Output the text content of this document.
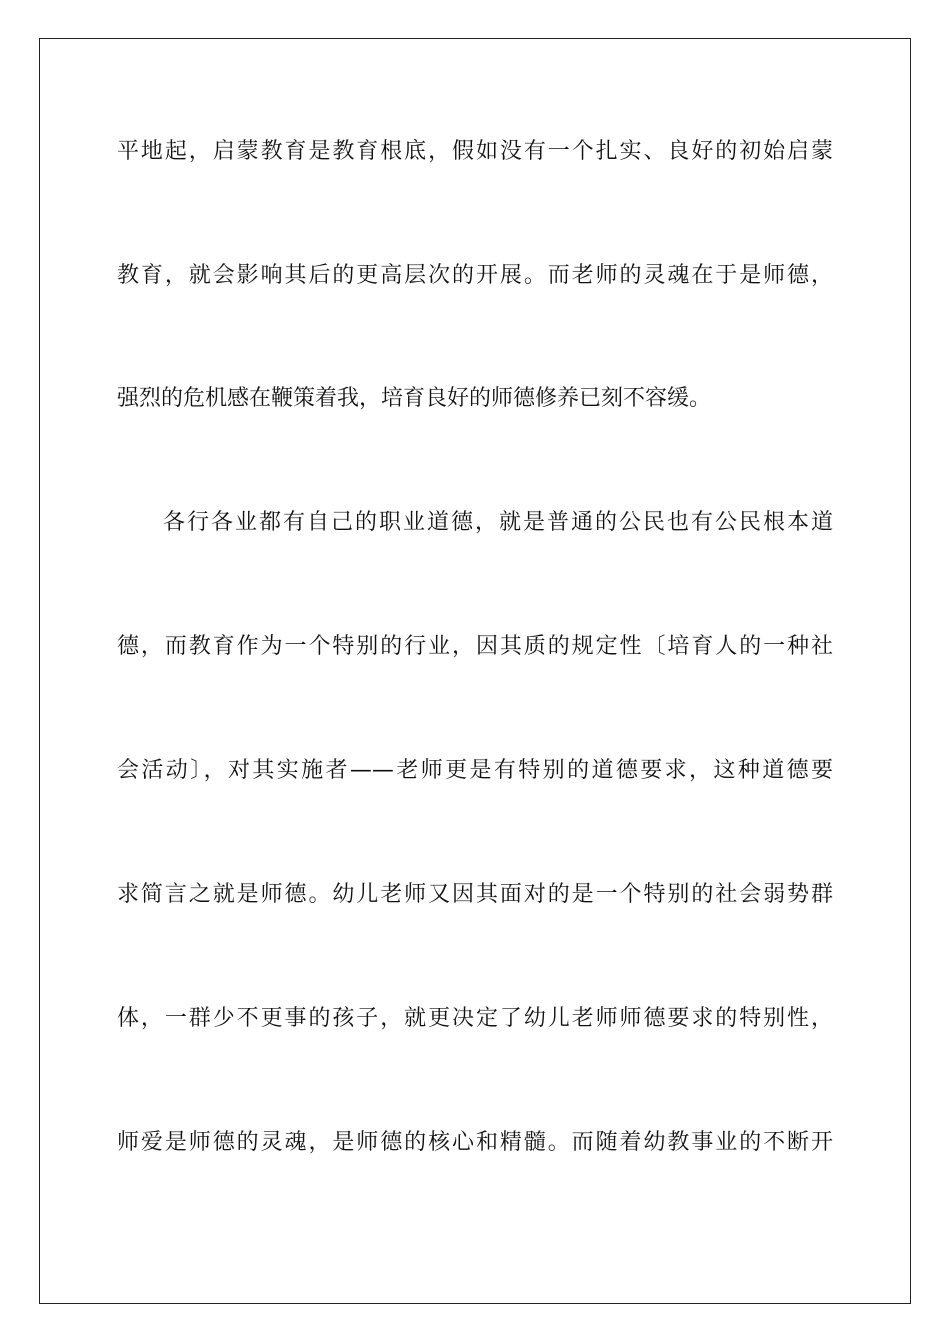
平地起，启蒙教育是教育根底，假如没有一个扎实、良好的初始启蒙

教育，就会影响其后的更高层次的开展。而老师的灵魂在于是师德，

强烈的危机感在鞭策着我，培育良好的师德修养已刻不容缓。

各行各业都有自己的职业道德，就是普通的公民也有公民根本道

德，而教育作为一个特别的行业，因其质的规定性〔培育人的一种社

会活动〕，对其实施者——老师更是有特别的道德要求，这种道德要

求简言之就是师德。幼儿老师又因其面对的是一个特别的社会弱势群

体，一群少不更事的孩子，就更决定了幼儿老师师德要求的特别性，

师爱是师德的灵魂，是师德的核心和精髓。而随着幼教事业的不断开
